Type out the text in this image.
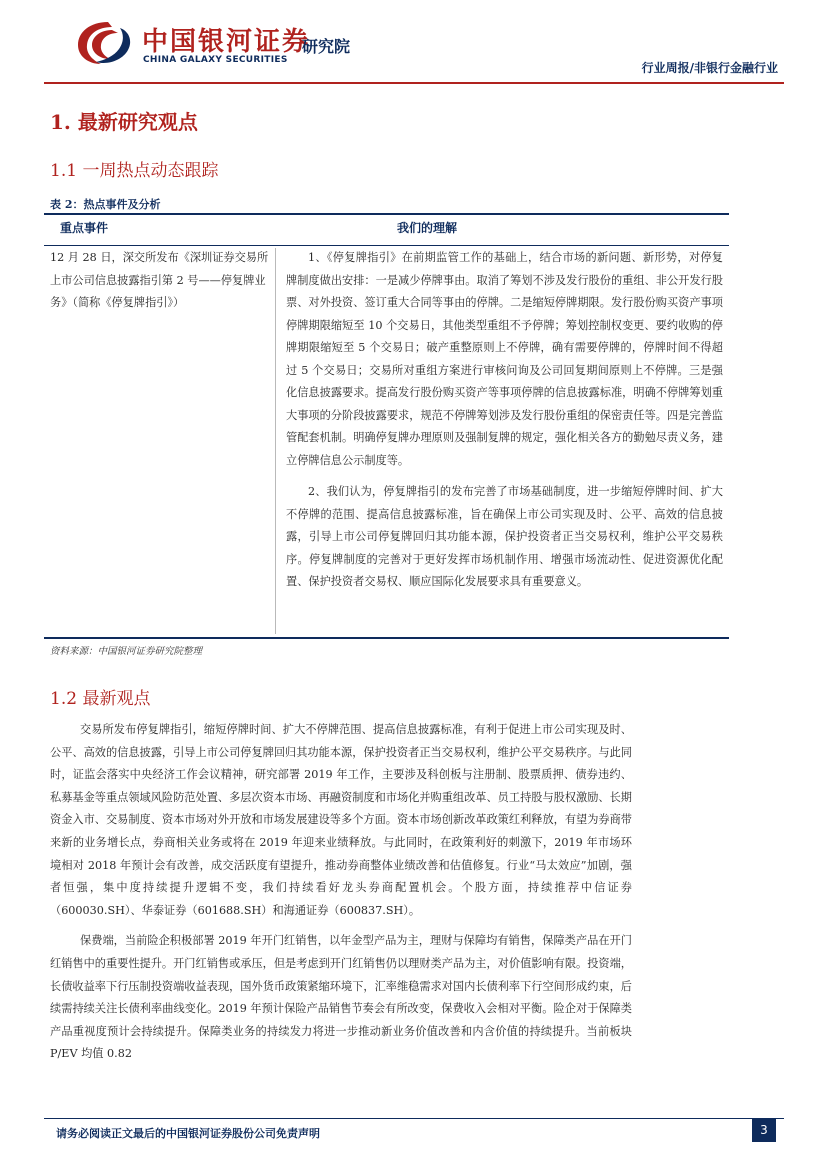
中国银河证券
CHINA GALAXY SECURITIES
研究院
行业周报/非银行金融行业
1. 最新研究观点
1.1 一周热点动态跟踪
表 2：热点事件及分析
重点事件	我们的理解
12 月 28 日，深交所发布《深圳证券交易所上市公司信息披露指引第 2 号——停复牌业务》（简称《停复牌指引》）

1、《停复牌指引》在前期监管工作的基础上，结合市场的新问题、新形势，对停复牌制度做出安排：一是减少停牌事由。取消了筹划不涉及发行股份的重组、非公开发行股票、对外投资、签订重大合同等事由的停牌。二是缩短停牌期限。发行股份购买资产事项停牌期限缩短至 10 个交易日，其他类型重组不予停牌；筹划控制权变更、要约收购的停牌期限缩短至 5 个交易日；破产重整原则上不停牌，确有需要停牌的，停牌时间不得超过 5 个交易日；交易所对重组方案进行审核问询及公司回复期间原则上不停牌。三是强化信息披露要求。提高发行股份购买资产等事项停牌的信息披露标准，明确不停牌筹划重大事项的分阶段披露要求，规范不停牌筹划涉及发行股份重组的保密责任等。四是完善监管配套机制。明确停复牌办理原则及强制复牌的规定，强化相关各方的勤勉尽责义务，建立停牌信息公示制度等。

2、我们认为，停复牌指引的发布完善了市场基础制度，进一步缩短停牌时间、扩大不停牌的范围、提高信息披露标准，旨在确保上市公司实现及时、公平、高效的信息披露，引导上市公司停复牌回归其功能本源，保护投资者正当交易权利，维护公平交易秩序。停复牌制度的完善对于更好发挥市场机制作用、增强市场流动性、促进资源优化配置、保护投资者交易权、顺应国际化发展要求具有重要意义。

资料来源：中国银河证券研究院整理
1.2 最新观点

交易所发布停复牌指引，缩短停牌时间、扩大不停牌范围、提高信息披露标准，有利于促进上市公司实现及时、公平、高效的信息披露，引导上市公司停复牌回归其功能本源，保护投资者正当交易权利，维护公平交易秩序。与此同时，证监会落实中央经济工作会议精神，研究部署 2019 年工作，主要涉及科创板与注册制、股票质押、债券违约、私募基金等重点领域风险防范处置、多层次资本市场、再融资制度和市场化并购重组改革、员工持股与股权激励、长期资金入市、交易制度、资本市场对外开放和市场发展建设等多个方面。资本市场创新改革政策红利释放，有望为券商带来新的业务增长点，券商相关业务或将在 2019 年迎来业绩释放。与此同时，在政策利好的刺激下，2019 年市场环境相对 2018 年预计会有改善，成交活跃度有望提升，推动券商整体业绩改善和估值修复。行业“马太效应”加剧，强者恒强，集中度持续提升逻辑不变，我们持续看好龙头券商配置机会。个股方面，持续推荐中信证券（600030.SH）、华泰证券（601688.SH）和海通证券（600837.SH）。

保费端，当前险企积极部署 2019 年开门红销售，以年金型产品为主，理财与保障均有销售，保障类产品在开门红销售中的重要性提升。开门红销售或承压，但是考虑到开门红销售仍以理财类产品为主，对价值影响有限。投资端，长债收益率下行压制投资端收益表现，国外货币政策紧缩环境下，汇率维稳需求对国内长债利率下行空间形成约束，后续需持续关注长债利率曲线变化。2019 年预计保险产品销售节奏会有所改变，保费收入会相对平衡。险企对于保障类产品重视度预计会持续提升。保障类业务的持续发力将进一步推动新业务价值改善和内含价值的持续提升。当前板块 P/EV 均值 0.82

请务必阅读正文最后的中国银河证券股份公司免责声明	3
